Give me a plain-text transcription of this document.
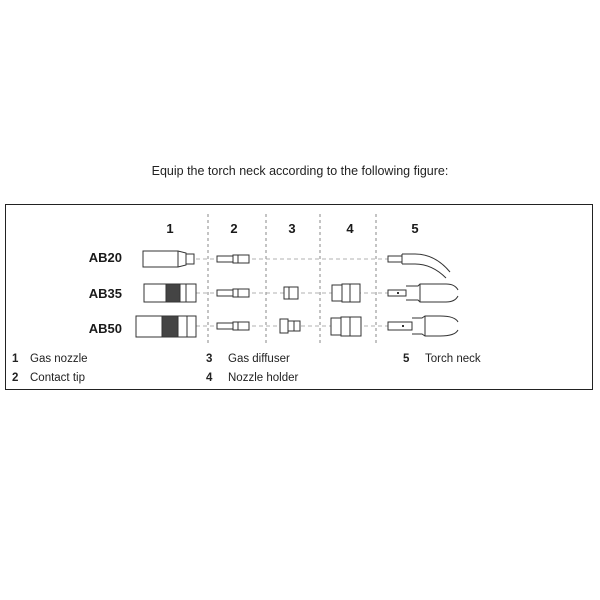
Equip the torch neck according to the following figure:
1	2	3	4	5
AB20
AB35
AB50
1 Gas nozzle
2 Contact tip
3 Gas diffuser
4 Nozzle holder
5 Torch neck
